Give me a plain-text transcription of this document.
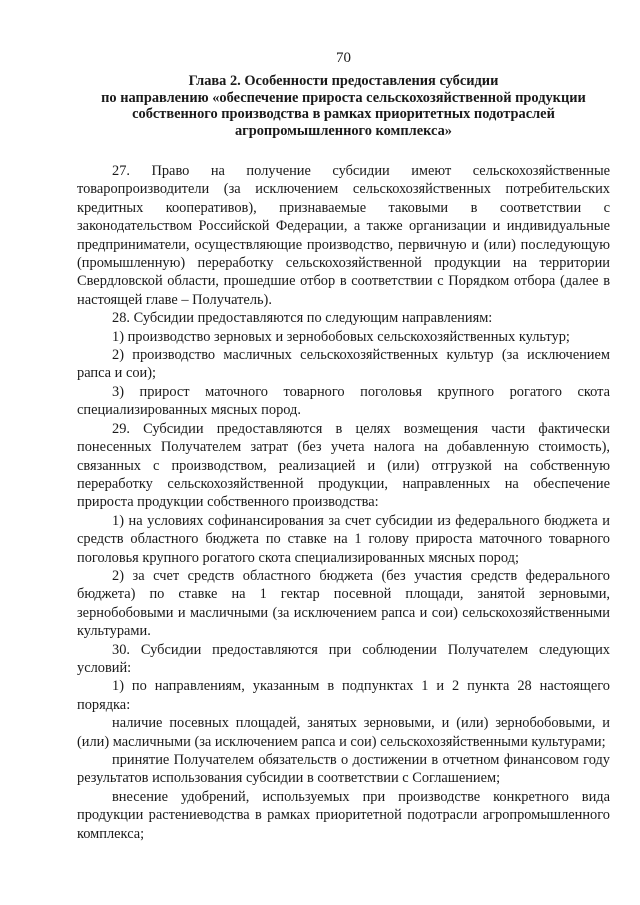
70
Глава 2. Особенности предоставления субсидии
по направлению «обеспечение прироста сельскохозяйственной продукции
собственного производства в рамках приоритетных подотраслей
агропромышленного комплекса»

27. Право на получение субсидии имеют сельскохозяйственные товаропроизводители (за исключением сельскохозяйственных потребительских кредитных кооперативов), признаваемые таковыми в соответствии с законодательством Российской Федерации, а также организации и индивидуальные предприниматели, осуществляющие производство, первичную и (или) последующую (промышленную) переработку сельскохозяйственной продукции на территории Свердловской области, прошедшие отбор в соответствии с Порядком отбора (далее в настоящей главе – Получатель).

28. Субсидии предоставляются по следующим направлениям:

1) производство зерновых и зернобобовых сельскохозяйственных культур;

2) производство масличных сельскохозяйственных культур (за исключением рапса и сои);

3) прирост маточного товарного поголовья крупного рогатого скота специализированных мясных пород.

29. Субсидии предоставляются в целях возмещения части фактически понесенных Получателем затрат (без учета налога на добавленную стоимость), связанных с производством, реализацией и (или) отгрузкой на собственную переработку сельскохозяйственной продукции, направленных на обеспечение прироста продукции собственного производства:

1) на условиях софинансирования за счет субсидии из федерального бюджета и средств областного бюджета по ставке на 1 голову прироста маточного товарного поголовья крупного рогатого скота специализированных мясных пород;

2) за счет средств областного бюджета (без участия средств федерального бюджета) по ставке на 1 гектар посевной площади, занятой зерновыми, зернобобовыми и масличными (за исключением рапса и сои) сельскохозяйственными культурами.

30. Субсидии предоставляются при соблюдении Получателем следующих условий:

1) по направлениям, указанным в подпунктах 1 и 2 пункта 28 настоящего порядка:

наличие посевных площадей, занятых зерновыми, и (или) зернобобовыми, и (или) масличными (за исключением рапса и сои) сельскохозяйственными культурами;

принятие Получателем обязательств о достижении в отчетном финансовом году результатов использования субсидии в соответствии с Соглашением;

внесение удобрений, используемых при производстве конкретного вида продукции растениеводства в рамках приоритетной подотрасли агропромышленного комплекса;
